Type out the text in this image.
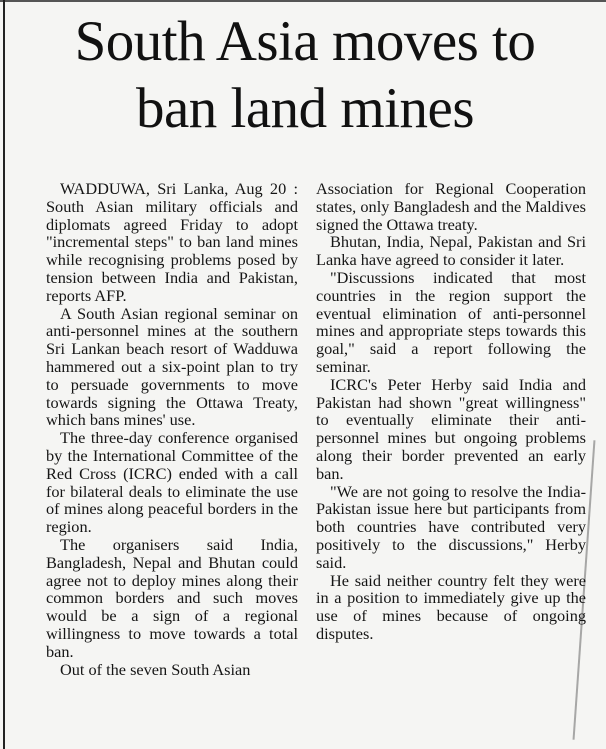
South Asia moves to
ban land mines

WADDUWA, Sri Lanka, Aug 20 : South Asian military officials and diplomats agreed Friday to adopt "incremental steps" to ban land mines while recognising problems posed by tension between India and Pakistan, reports AFP.

A South Asian regional seminar on anti-personnel mines at the southern Sri Lankan beach resort of Wadduwa hammered out a six-point plan to try to persuade governments to move towards signing the Ottawa Treaty, which bans mines' use.

The three-day conference organised by the International Committee of the Red Cross (ICRC) ended with a call for bilateral deals to eliminate the use of mines along peaceful borders in the region.

The organisers said India, Bangladesh, Nepal and Bhutan could agree not to deploy mines along their common borders and such moves would be a sign of a regional willingness to move towards a total ban.

Out of the seven South Asian

Association for Regional Cooperation states, only Bangladesh and the Maldives signed the Ottawa treaty.

Bhutan, India, Nepal, Pakistan and Sri Lanka have agreed to consider it later.

"Discussions indicated that most countries in the region support the eventual elimination of anti-personnel mines and appropriate steps towards this goal," said a report following the seminar.

ICRC's Peter Herby said India and Pakistan had shown "great willingness" to eventually eliminate their anti-personnel mines but ongoing problems along their border prevented an early ban.

"We are not going to resolve the India-Pakistan issue here but participants from both countries have contributed very positively to the discussions," Herby said.

He said neither country felt they were in a position to immediately give up the use of mines because of ongoing disputes.
